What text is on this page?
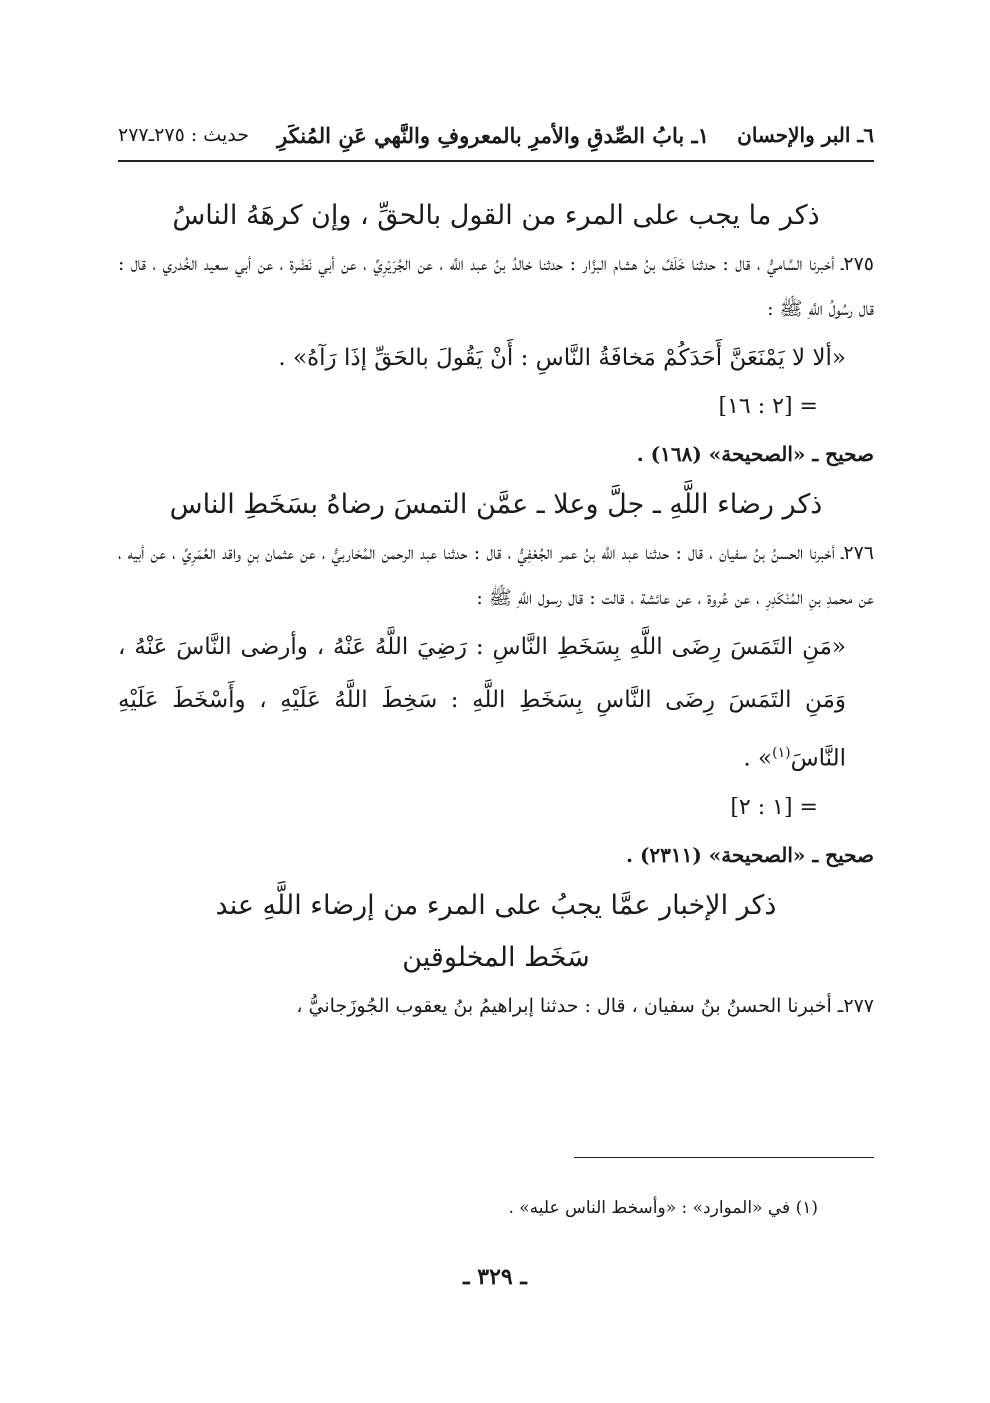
٦ـ البر والإحسان
١ـ بابُ الصِّدقِ والأمرِ بالمعروفِ والنَّهي عَنِ المُنكَرِ
حديث : ٢٧٥ـ٢٧٧
ذكر ما يجب على المرء من القول بالحقِّ ، وإن كرهَهُ الناسُ

٢٧٥ـ أخبرنا السَّاميُّ ، قال : حدثنا خَلَفُ بنُ هشام البزَّار : حدثنا خالدُ بنُ عبد اللَّه ، عن الجُرَيْرِيِّ ، عن أبي نَضْرة ، عن أبي سعيد الخُدري ، قال : قال رسُولُ اللَّهِ ﷺ :

«ألا لا يَمْنَعَنَّ أَحَدَكُمْ مَخافَةُ النَّاسِ : أَنْ يَقُولَ بالحَقِّ إذَا رَآهُ» .

= [٢ : ١٦]

صحيح ـ «الصحيحة» (١٦٨) .

ذكر رضاء اللَّهِ ـ جلَّ وعلا ـ عمَّن التمسَ رضاهُ بسَخَطِ الناس

٢٧٦ـ أخبرنا الحسنُ بنُ سفيان ، قال : حدثنا عبد اللَّه بنُ عمر الجُعْفِيُّ ، قال : حدثنا عبد الرحمن المُحَاربيُّ ، عن عثمان بنِ واقد العُمَرِيِّ ، عن أبيه ، عن محمدِ بنِ المُنْكَدِرِ ، عن عُروة ، عن عائشة ، قالت : قال رسول اللَّهِ ﷺ :

«مَنِ التَمَسَ رِضَى اللَّهِ بِسَخَطِ النَّاسِ : رَضِيَ اللَّهُ عَنْهُ ، وأرضى النَّاسَ عَنْهُ ، وَمَنِ التَمَسَ رِضَى النَّاسِ بِسَخَطِ اللَّهِ : سَخِطَ اللَّهُ عَلَيْهِ ، وأَسْخَطَ عَلَيْهِ النَّاسَ$^{(١)}$» .

= [١ : ٢]

صحيح ـ «الصحيحة» (٢٣١١) .

ذكر الإخبار عمَّا يجبُ على المرء من إرضاء اللَّهِ عند
سَخَط المخلوقين

٢٧٧ـ أخبرنا الحسنُ بنُ سفيان ، قال : حدثنا إبراهيمُ بنُ يعقوب الجُوزَجانيُّ ،

(١) في «الموارد» : «وأسخط الناس عليه» .
ـ ٣٢٩ ـ
